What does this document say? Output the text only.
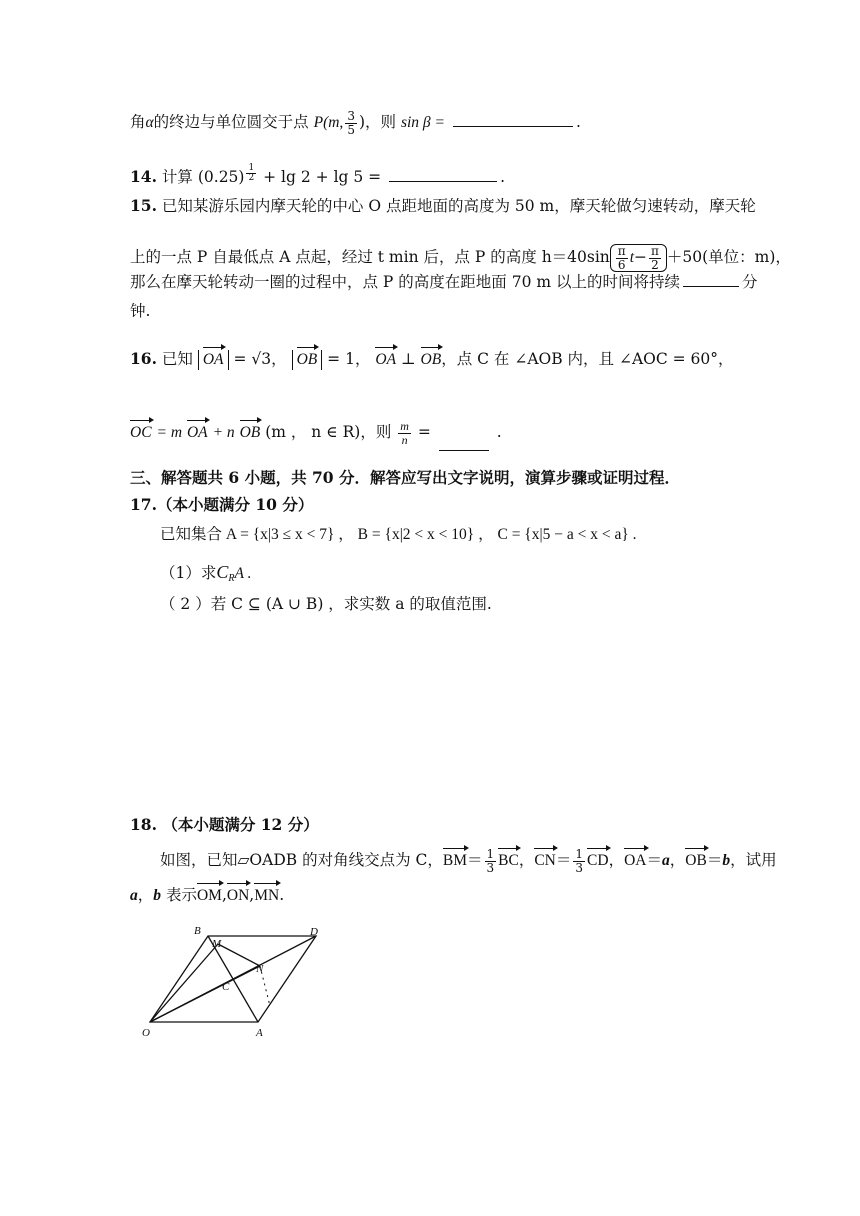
角α的终边与单位圆交于点 P(m, $\frac{3}{5}$ )，则 sin β =	.
14. 计算 $(0.25) \frac{1}{2} + \lg 2 + \lg 5$ =	.
15. 已知某游乐园内摩天轮的中心 O 点距地面的高度为 50 m，摩天轮做匀速转动，摩天轮
上的一点 P 自最低点 A 点起，经过 t min 后，点 P 的高度 $h=40\sin \frac{\pi}{6} t- \frac{\pi}{2} +50$(单位：m)，
那么在摩天轮转动一圈的过程中，点 P 的高度在距地面 70 m 以上的时间将持续	分
钟.
16. 已知 OA = √3， OB = 1， OA ⊥ OB，点 C 在 ∠AOB 内，且 ∠AOC = 60°，
OC = m OA + n OB (m ， n ∈ R)，则 $\frac{m}{n}$ =	.
三、解答题共 6 小题，共 70 分．解答应写出文字说明，演算步骤或证明过程．
17.（本小题满分 10 分）
已知集合 A = {x|3 ≤ x < 7} ， B = {x|2 < x < 10} ， C = {x|5 − a < x < a} .
（1）求$C_RA$ .
（ 2 ）若 C ⊆ (A ∪ B) ，求实数 a 的取值范围.
18. （本小题满分 12 分）
如图，已知▱OADB 的对角线交点为 C，$BM= \frac{1}{3}$ BC，$CN= \frac{1}{3}$ CD，OA＝a，OB＝b，试用
a，b 表示OM,ON,MN.
B
M
D
N
C
O	A
